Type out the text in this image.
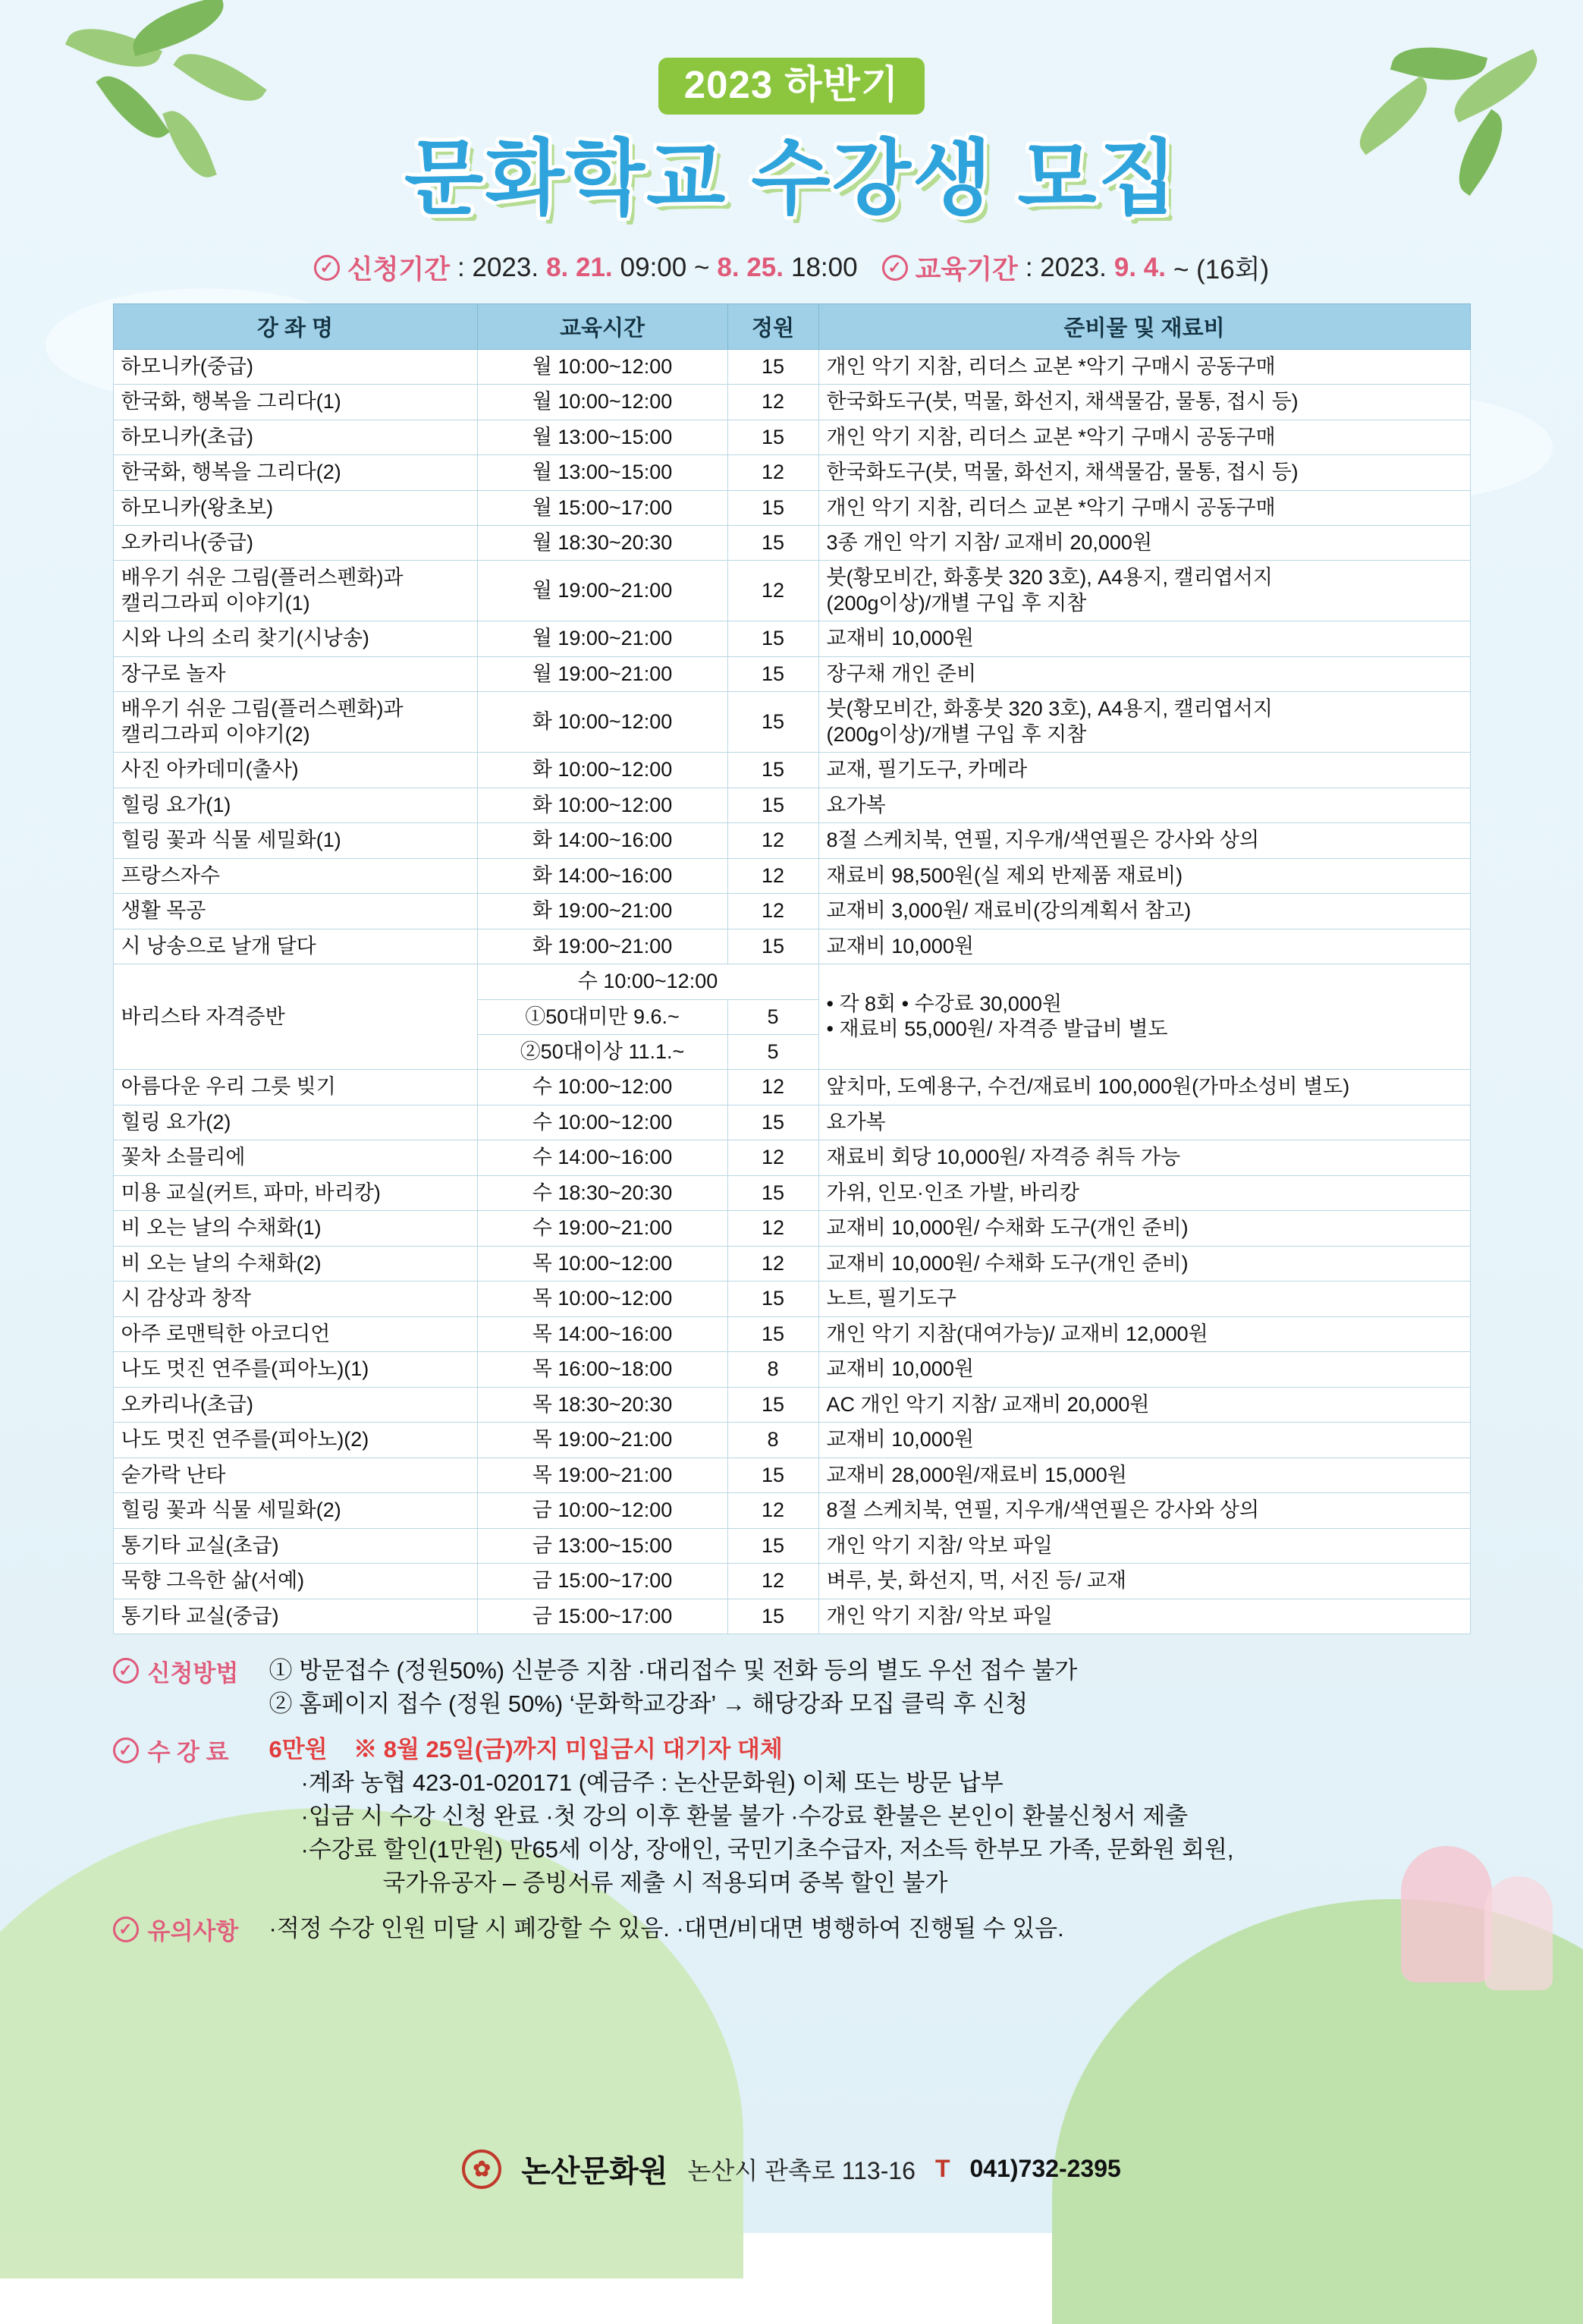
2023 하반기
문화학교 수강생 모집
✓ 신청기간 : 2023. 8. 21. 09:00 ~ 8. 25. 18:00	✓ 교육기간 : 2023. 9. 4. ~ (16회)
강 좌 명	교육시간	정원	준비물 및 재료비
하모니카(중급)	월 10:00~12:00	15	개인 악기 지참, 리더스 교본 *악기 구매시 공동구매
한국화, 행복을 그리다(1)	월 10:00~12:00	12	한국화도구(붓, 먹물, 화선지, 채색물감, 물통, 접시 등)
하모니카(초급)	월 13:00~15:00	15	개인 악기 지참, 리더스 교본 *악기 구매시 공동구매
한국화, 행복을 그리다(2)	월 13:00~15:00	12	한국화도구(붓, 먹물, 화선지, 채색물감, 물통, 접시 등)
하모니카(왕초보)	월 15:00~17:00	15	개인 악기 지참, 리더스 교본 *악기 구매시 공동구매
오카리나(중급)	월 18:30~20:30	15	3종 개인 악기 지참/ 교재비 20,000원

배우기 쉬운 그림(플러스펜화)과
캘리그라피 이야기(1)	월 19:00~21:00	12	붓(황모비간, 화홍붓 320 3호), A4용지, 캘리엽서지
(200g이상)/개별 구입 후 지참

시와 나의 소리 찾기(시낭송)	월 19:00~21:00	15	교재비 10,000원
장구로 놀자	월 19:00~21:00	15	장구채 개인 준비

배우기 쉬운 그림(플러스펜화)과
캘리그라피 이야기(2)	화 10:00~12:00	15	붓(황모비간, 화홍붓 320 3호), A4용지, 캘리엽서지
(200g이상)/개별 구입 후 지참

사진 아카데미(출사)	화 10:00~12:00	15	교재, 필기도구, 카메라
힐링 요가(1)	화 10:00~12:00	15	요가복
힐링 꽃과 식물 세밀화(1)	화 14:00~16:00	12	8절 스케치북, 연필, 지우개/색연필은 강사와 상의
프랑스자수	화 14:00~16:00	12	재료비 98,500원(실 제외 반제품 재료비)
생활 목공	화 19:00~21:00	12	교재비 3,000원/ 재료비(강의계획서 참고)
시 낭송으로 날개 달다	화 19:00~21:00	15	교재비 10,000원
바리스타 자격증반	수 10:00~12:00		• 각 8회 • 수강료 30,000원
• 재료비 55,000원/ 자격증 발급비 별도

	①50대미만 9.6.~	5	
	②50대이상 11.1.~	5	
아름다운 우리 그릇 빚기	수 10:00~12:00	12	앞치마, 도예용구, 수건/재료비 100,000원(가마소성비 별도)
힐링 요가(2)	수 10:00~12:00	15	요가복
꽃차 소믈리에	수 14:00~16:00	12	재료비 회당 10,000원/ 자격증 취득 가능
미용 교실(커트, 파마, 바리캉)	수 18:30~20:30	15	가위, 인모·인조 가발, 바리캉
비 오는 날의 수채화(1)	수 19:00~21:00	12	교재비 10,000원/ 수채화 도구(개인 준비)
비 오는 날의 수채화(2)	목 10:00~12:00	12	교재비 10,000원/ 수채화 도구(개인 준비)
시 감상과 창작	목 10:00~12:00	15	노트, 필기도구
아주 로맨틱한 아코디언	목 14:00~16:00	15	개인 악기 지참(대여가능)/ 교재비 12,000원
나도 멋진 연주를(피아노)(1)	목 16:00~18:00	8	교재비 10,000원
오카리나(초급)	목 18:30~20:30	15	AC 개인 악기 지참/ 교재비 20,000원
나도 멋진 연주를(피아노)(2)	목 19:00~21:00	8	교재비 10,000원
숟가락 난타	목 19:00~21:00	15	교재비 28,000원/재료비 15,000원
힐링 꽃과 식물 세밀화(2)	금 10:00~12:00	12	8절 스케치북, 연필, 지우개/색연필은 강사와 상의
통기타 교실(초급)	금 13:00~15:00	15	개인 악기 지참/ 악보 파일
묵향 그윽한 삶(서예)	금 15:00~17:00	12	벼루, 붓, 화선지, 먹, 서진 등/ 교재
통기타 교실(중급)	금 15:00~17:00	15	개인 악기 지참/ 악보 파일
✓ 신청방법 ① 방문접수 (정원50%) 신분증 지참 ·대리접수 및 전화 등의 별도 우선 접수 불가
② 홈페이지 접수 (정원 50%) ‘문화학교강좌’ → 해당강좌 모집 클릭 후 신청
✓ 수 강 료 6만원 ※ 8월 25일(금)까지 미입금시 대기자 대체
·계좌 농협 423-01-020171 (예금주 : 논산문화원) 이체 또는 방문 납부
·입금 시 수강 신청 완료 ·첫 강의 이후 환불 불가 ·수강료 환불은 본인이 환불신청서 제출
·수강료 할인(1만원) 만65세 이상, 장애인, 국민기초수급자, 저소득 한부모 가족, 문화원 회원,
국가유공자 – 증빙서류 제출 시 적용되며 중복 할인 불가
✓ 유의사항 ·적정 수강 인원 미달 시 폐강할 수 있음. ·대면/비대면 병행하여 진행될 수 있음.
✿	논산문화원 논산시 관촉로 113-16 T 041)732-2395
